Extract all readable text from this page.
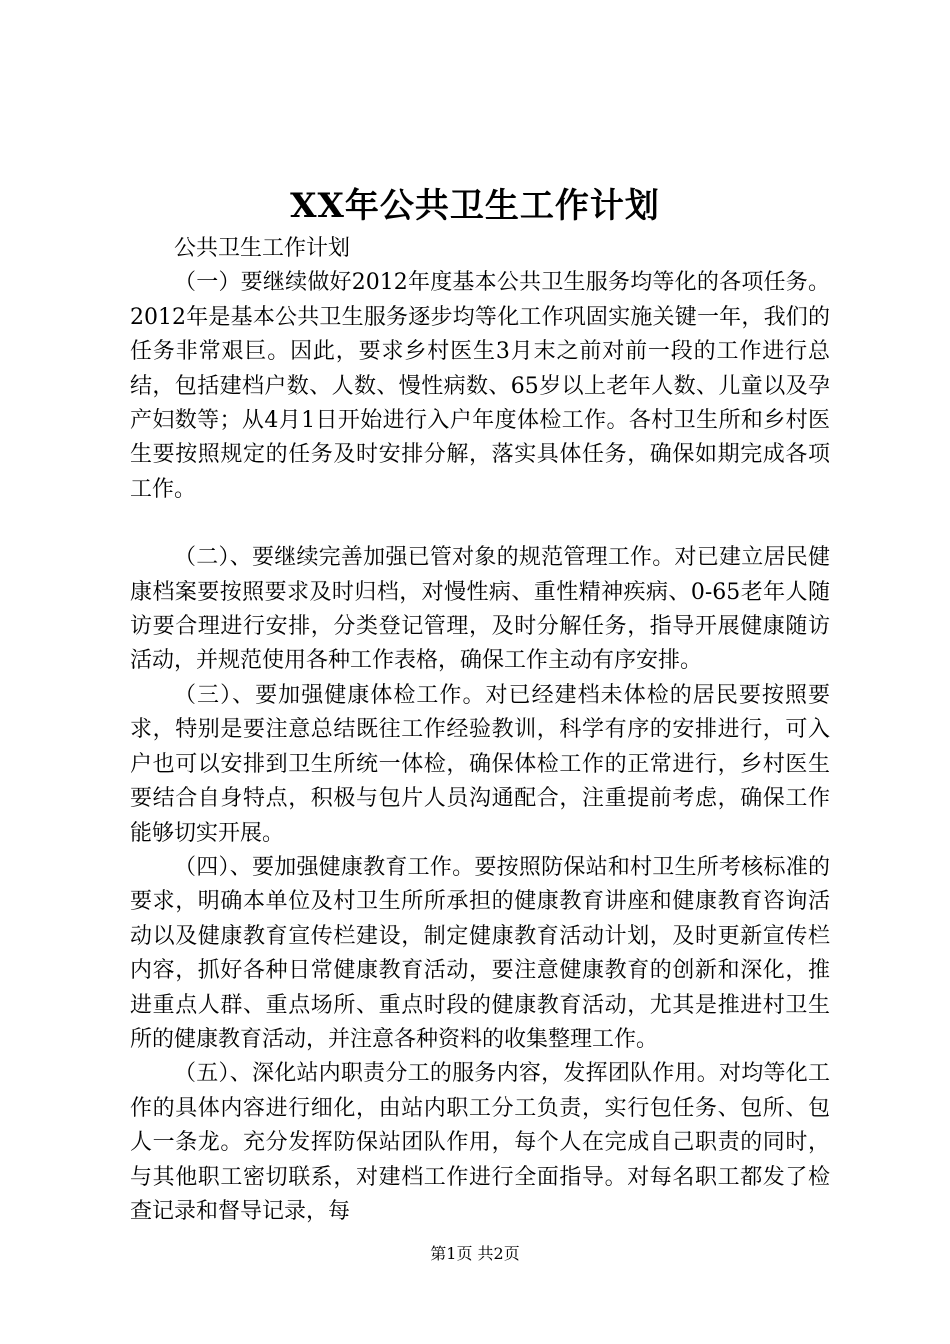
XX年公共卫生工作计划

公共卫生工作计划

（一）要继续做好2012年度基本公共卫生服务均等化的各项任务。2012年是基本公共卫生服务逐步均等化工作巩固实施关键一年，我们的任务非常艰巨。因此，要求乡村医生3月末之前对前一段的工作进行总结，包括建档户数、人数、慢性病数、65岁以上老年人数、儿童以及孕产妇数等；从4月1日开始进行入户年度体检工作。各村卫生所和乡村医生要按照规定的任务及时安排分解，落实具体任务，确保如期完成各项工作。

（二）、要继续完善加强已管对象的规范管理工作。对已建立居民健康档案要按照要求及时归档，对慢性病、重性精神疾病、0-65老年人随访要合理进行安排，分类登记管理，及时分解任务，指导开展健康随访活动，并规范使用各种工作表格，确保工作主动有序安排。

（三）、要加强健康体检工作。对已经建档未体检的居民要按照要求，特别是要注意总结既往工作经验教训，科学有序的安排进行，可入户也可以安排到卫生所统一体检，确保体检工作的正常进行，乡村医生要结合自身特点，积极与包片人员沟通配合，注重提前考虑，确保工作能够切实开展。

（四）、要加强健康教育工作。要按照防保站和村卫生所考核标准的要求，明确本单位及村卫生所所承担的健康教育讲座和健康教育咨询活动以及健康教育宣传栏建设，制定健康教育活动计划，及时更新宣传栏内容，抓好各种日常健康教育活动，要注意健康教育的创新和深化，推进重点人群、重点场所、重点时段的健康教育活动，尤其是推进村卫生所的健康教育活动，并注意各种资料的收集整理工作。

（五）、深化站内职责分工的服务内容，发挥团队作用。对均等化工作的具体内容进行细化，由站内职工分工负责，实行包任务、包所、包人一条龙。充分发挥防保站团队作用，每个人在完成自己职责的同时，与其他职工密切联系，对建档工作进行全面指导。对每名职工都发了检查记录和督导记录，每

第1页 共2页
